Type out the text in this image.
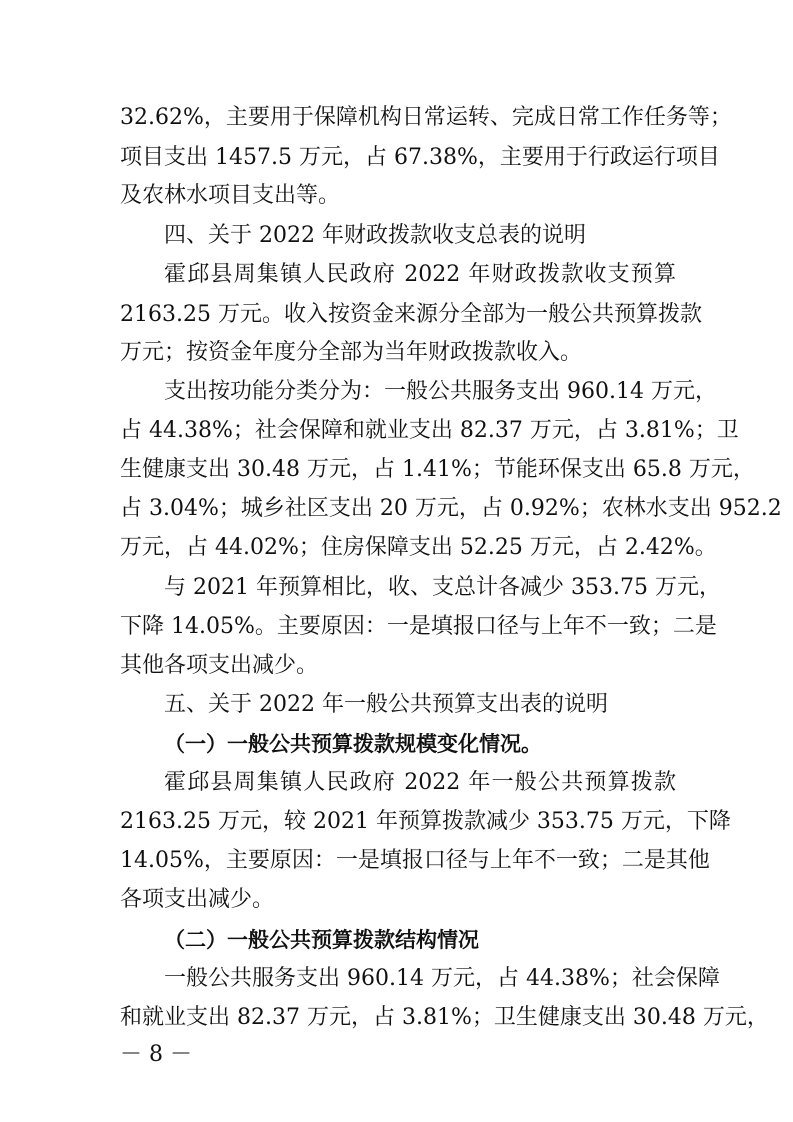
32.62%，主要用于保障机构日常运转、完成日常工作任务等；
项目支出 1457.5 万元，占 67.38%，主要用于行政运行项目
及农林水项目支出等。
四、关于 2022 年财政拨款收支总表的说明
霍邱县周集镇人民政府 2022 年财政拨款收支预算
2163.25 万元。收入按资金来源分全部为一般公共预算拨款
万元；按资金年度分全部为当年财政拨款收入。
支出按功能分类分为：一般公共服务支出 960.14 万元，
占 44.38%；社会保障和就业支出 82.37 万元，占 3.81%；卫
生健康支出 30.48 万元，占 1.41%；节能环保支出 65.8 万元，
占 3.04%；城乡社区支出 20 万元，占 0.92%；农林水支出 952.2
万元，占 44.02%；住房保障支出 52.25 万元，占 2.42%。
与 2021 年预算相比，收、支总计各减少 353.75 万元，
下降 14.05%。主要原因：一是填报口径与上年不一致；二是
其他各项支出减少。
五、关于 2022 年一般公共预算支出表的说明
（一）一般公共预算拨款规模变化情况。
霍邱县周集镇人民政府 2022 年一般公共预算拨款
2163.25 万元，较 2021 年预算拨款减少 353.75 万元，下降
14.05%，主要原因：一是填报口径与上年不一致；二是其他
各项支出减少。
（二）一般公共预算拨款结构情况
一般公共服务支出 960.14 万元，占 44.38%；社会保障
和就业支出 82.37 万元，占 3.81%；卫生健康支出 30.48 万元，
－ 8 －
